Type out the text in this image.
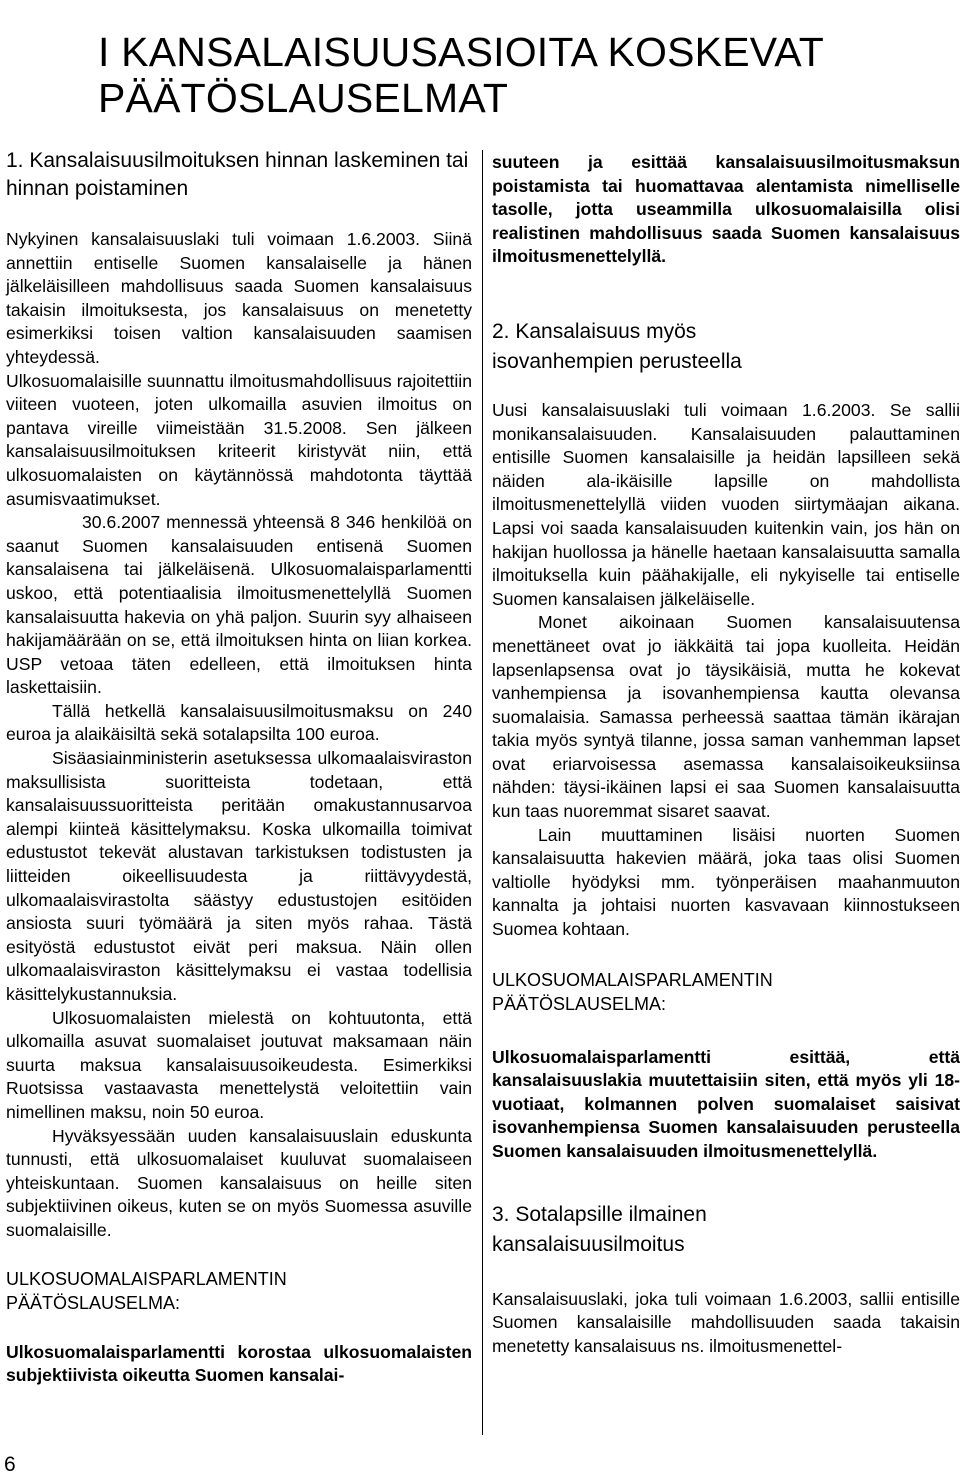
I KANSALAISUUSASIOITA KOSKEVAT PÄÄTÖSLAUSELMAT
1. Kansalaisuusilmoituksen hinnan laskeminen tai hinnan poistaminen

Nykyinen kansalaisuuslaki tuli voimaan 1.6.2003. Siinä annettiin entiselle Suomen kansalaiselle ja hänen jälkeläisilleen mahdollisuus saada Suomen kansalaisuus takaisin ilmoituksesta, jos kansalaisuus on menetetty esimerkiksi toisen valtion kansalaisuuden saamisen yhteydessä.

Ulkosuomalaisille suunnattu ilmoitusmahdollisuus rajoitettiin viiteen vuoteen, joten ulkomailla asuvien ilmoitus on pantava vireille viimeistään 31.5.2008. Sen jälkeen kansalaisuusilmoituksen kriteerit kiristyvät niin, että ulkosuomalaisten on käytännössä mahdotonta täyttää asumisvaatimukset.

30.6.2007 mennessä yhteensä 8 346 henkilöä on saanut Suomen kansalaisuuden entisenä Suomen kansalaisena tai jälkeläisenä. Ulkosuomalaisparlamentti uskoo, että potentiaalisia ilmoitusmenettelyllä Suomen kansalaisuutta hakevia on yhä paljon. Suurin syy alhaiseen hakijamäärään on se, että ilmoituksen hinta on liian korkea. USP vetoaa täten edelleen, että ilmoituksen hinta laskettaisiin.

Tällä hetkellä kansalaisuusilmoitusmaksu on 240 euroa ja alaikäisiltä sekä sotalapsilta 100 euroa.

Sisäasiainministerin asetuksessa ulkomaalaisviraston maksullisista suoritteista todetaan, että kansalaisuussuoritteista peritään omakustannusarvoa alempi kiinteä käsittelymaksu. Koska ulkomailla toimivat edustustot tekevät alustavan tarkistuksen todistusten ja liitteiden oikeellisuudesta ja riittävyydestä, ulkomaalaisvirastolta säästyy edustustojen esitöiden ansiosta suuri työmäärä ja siten myös rahaa. Tästä esityöstä edustustot eivät peri maksua. Näin ollen ulkomaalaisviraston käsittelymaksu ei vastaa todellisia käsittelykustannuksia.

Ulkosuomalaisten mielestä on kohtuutonta, että ulkomailla asuvat suomalaiset joutuvat maksamaan näin suurta maksua kansalaisuusoikeudesta. Esimerkiksi Ruotsissa vastaavasta menettelystä veloitettiin vain nimellinen maksu, noin 50 euroa.

Hyväksyessään uuden kansalaisuuslain eduskunta tunnusti, että ulkosuomalaiset kuuluvat suomalaiseen yhteiskuntaan. Suomen kansalaisuus on heille siten subjektiivinen oikeus, kuten se on myös Suomessa asuville suomalaisille.

ULKOSUOMALAISPARLAMENTIN PÄÄTÖSLAUSELMA:

Ulkosuomalaisparlamentti korostaa ulkosuomalaisten subjektiivista oikeutta Suomen kansalai-

suuteen ja esittää kansalaisuusilmoitusmaksun poistamista tai huomattavaa alentamista nimelliselle tasolle, jotta useammilla ulkosuomalaisilla olisi realistinen mahdollisuus saada Suomen kansalaisuus ilmoitusmenettelyllä.

2. Kansalaisuus myös isovanhempien perusteella

Uusi kansalaisuuslaki tuli voimaan 1.6.2003. Se sallii monikansalaisuuden. Kansalaisuuden palauttaminen entisille Suomen kansalaisille ja heidän lapsilleen sekä näiden ala-ikäisille lapsille on mahdollista ilmoitusmenettelyllä viiden vuoden siirtymäajan aikana. Lapsi voi saada kansalaisuuden kuitenkin vain, jos hän on hakijan huollossa ja hänelle haetaan kansalaisuutta samalla ilmoituksella kuin päähakijalle, eli nykyiselle tai entiselle Suomen kansalaisen jälkeläiselle.

Monet aikoinaan Suomen kansalaisuutensa menettäneet ovat jo iäkkäitä tai jopa kuolleita. Heidän lapsenlapsensa ovat jo täysikäisiä, mutta he kokevat vanhempiensa ja isovanhempiensa kautta olevansa suomalaisia. Samassa perheessä saattaa tämän ikärajan takia myös syntyä tilanne, jossa saman vanhemman lapset ovat eriarvoisessa asemassa kansalaisoikeuksiinsa nähden: täysi-ikäinen lapsi ei saa Suomen kansalaisuutta kun taas nuoremmat sisaret saavat.

Lain muuttaminen lisäisi nuorten Suomen kansalaisuutta hakevien määrä, joka taas olisi Suomen valtiolle hyödyksi mm. työnperäisen maahanmuuton kannalta ja johtaisi nuorten kasvavaan kiinnostukseen Suomea kohtaan.

ULKOSUOMALAISPARLAMENTIN PÄÄTÖSLAUSELMA:

Ulkosuomalaisparlamentti esittää, että kansalaisuuslakia muutettaisiin siten, että myös yli 18-vuotiaat, kolmannen polven suomalaiset saisivat isovanhempiensa Suomen kansalaisuuden perusteella Suomen kansalaisuuden ilmoitusmenettelyllä.

3. Sotalapsille ilmainen kansalaisuusilmoitus

Kansalaisuuslaki, joka tuli voimaan 1.6.2003, sallii entisille Suomen kansalaisille mahdollisuuden saada takaisin menetetty kansalaisuus ns. ilmoitusmenettel-

6
